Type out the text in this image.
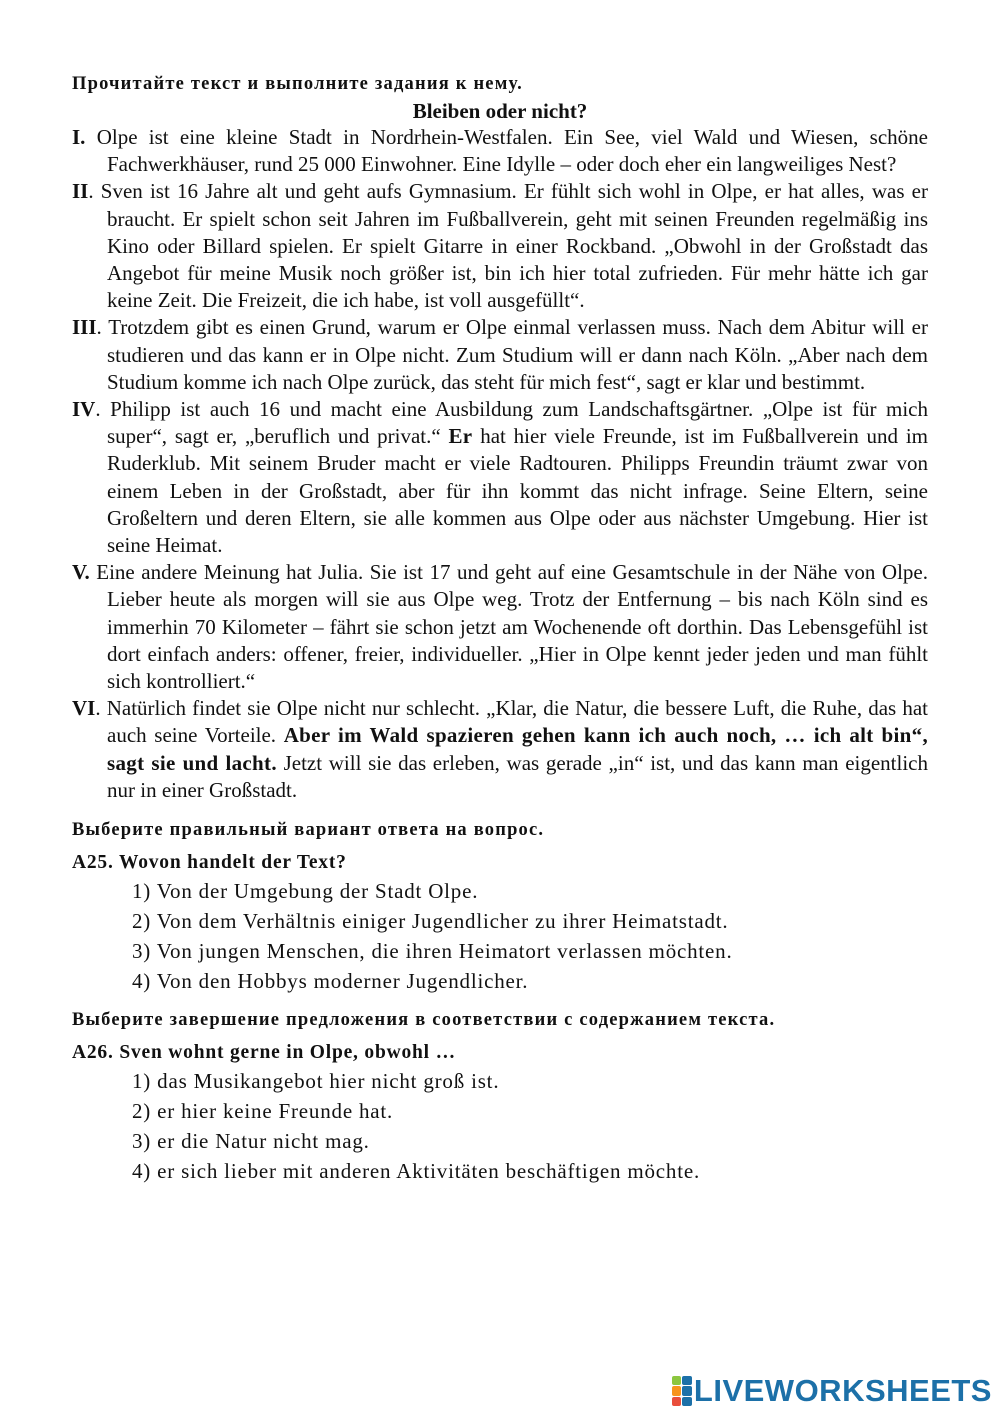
Прочитайте текст и выполните задания к нему.
Bleiben oder nicht?
I. Olpe ist eine kleine Stadt in Nordrhein-Westfalen. Ein See, viel Wald und Wiesen, schöne Fachwerkhäuser, rund 25 000 Einwohner. Eine Idylle – oder doch eher ein langweiliges Nest?
II. Sven ist 16 Jahre alt und geht aufs Gymnasium. Er fühlt sich wohl in Olpe, er hat alles, was er braucht. Er spielt schon seit Jahren im Fußballverein, geht mit seinen Freunden regelmäßig ins Kino oder Billard spielen. Er spielt Gitarre in einer Rockband. „Obwohl in der Großstadt das Angebot für meine Musik noch größer ist, bin ich hier total zufrieden. Für mehr hätte ich gar keine Zeit. Die Freizeit, die ich habe, ist voll ausgefüllt“.
III. Trotzdem gibt es einen Grund, warum er Olpe einmal verlassen muss. Nach dem Abitur will er studieren und das kann er in Olpe nicht. Zum Studium will er dann nach Köln. „Aber nach dem Studium komme ich nach Olpe zurück, das steht für mich fest“, sagt er klar und bestimmt.
IV. Philipp ist auch 16 und macht eine Ausbildung zum Landschaftsgärtner. „Olpe ist für mich super“, sagt er, „beruflich und privat.“ Er hat hier viele Freunde, ist im Fußballverein und im Ruderklub. Mit seinem Bruder macht er viele Radtouren. Philipps Freundin träumt zwar von einem Leben in der Großstadt, aber für ihn kommt das nicht infrage. Seine Eltern, seine Großeltern und deren Eltern, sie alle kommen aus Olpe oder aus nächster Umgebung. Hier ist seine Heimat.
V. Eine andere Meinung hat Julia. Sie ist 17 und geht auf eine Gesamtschule in der Nähe von Olpe. Lieber heute als morgen will sie aus Olpe weg. Trotz der Entfernung – bis nach Köln sind es immerhin 70 Kilometer – fährt sie schon jetzt am Wochenende oft dorthin. Das Lebensgefühl ist dort einfach anders: offener, freier, individueller. „Hier in Olpe kennt jeder jeden und man fühlt sich kontrolliert.“
VI. Natürlich findet sie Olpe nicht nur schlecht. „Klar, die Natur, die bessere Luft, die Ruhe, das hat auch seine Vorteile. Aber im Wald spazieren gehen kann ich auch noch, … ich alt bin“, sagt sie und lacht. Jetzt will sie das erleben, was gerade „in“ ist, und das kann man eigentlich nur in einer Großstadt.
Выберите правильный вариант ответа на вопрос.
A25. Wovon handelt der Text?
1) Von der Umgebung der Stadt Olpe.
2) Von dem Verhältnis einiger Jugendlicher zu ihrer Heimatstadt.
3) Von jungen Menschen, die ihren Heimatort verlassen möchten.
4) Von den Hobbys moderner Jugendlicher.
Выберите завершение предложения в соответствии с содержанием текста.
A26. Sven wohnt gerne in Olpe, obwohl …
1) das Musikangebot hier nicht groß ist.
2) er hier keine Freunde hat.
3) er die Natur nicht mag.
4) er sich lieber mit anderen Aktivitäten beschäftigen möchte.
LIVEWORKSHEETS
